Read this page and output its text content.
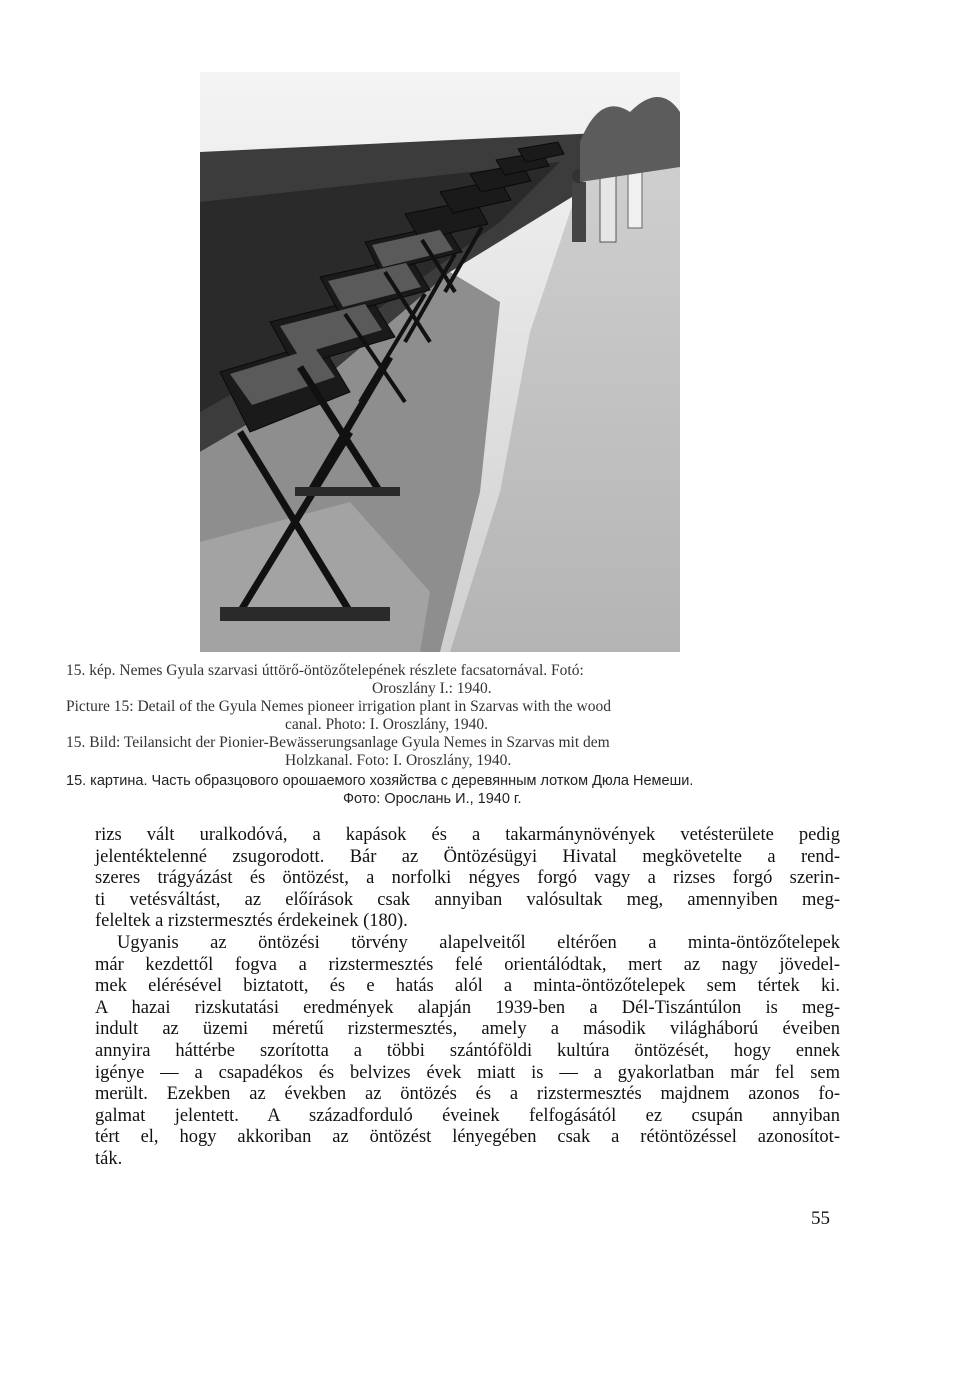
15. kép. Nemes Gyula szarvasi úttörő-öntözőtelepének részlete facsatornával. Fotó:
Oroszlány I.: 1940.
Picture 15: Detail of the Gyula Nemes pioneer irrigation plant in Szarvas with the wood
canal. Photo: I. Oroszlány, 1940.
15. Bild: Teilansicht der Pionier-Bewässerungsanlage Gyula Nemes in Szarvas mit dem
Holzkanal. Foto: I. Oroszlány, 1940.
15. картина. Часть образцового орошаемого хозяйства с деревянным лотком Дюла Немеши.
Фото: Орослань И., 1940 г.

rizs vált uralkodóvá, a kapások és a takarmánynövények vetésterülete pedig
jelentéktelenné zsugorodott. Bár az Öntözésügyi Hivatal megkövetelte a rend-
szeres trágyázást és öntözést, a norfolki négyes forgó vagy a rizses forgó szerin-
ti vetésváltást, az előírások csak annyiban valósultak meg, amennyiben meg-
feleltek a rizstermesztés érdekeinek (180).

Ugyanis az öntözési törvény alapelveitől eltérően a minta-öntözőtelepek
már kezdettől fogva a rizstermesztés felé orientálódtak, mert az nagy jövedel-
mek elérésével biztatott, és e hatás alól a minta-öntözőtelepek sem tértek ki.
A hazai rizskutatási eredmények alapján 1939-ben a Dél-Tiszántúlon is meg-
indult az üzemi méretű rizstermesztés, amely a második világháború éveiben
annyira háttérbe szorította a többi szántóföldi kultúra öntözését, hogy ennek
igénye — a csapadékos és belvizes évek miatt is — a gyakorlatban már fel sem
merült. Ezekben az években az öntözés és a rizstermesztés majdnem azonos fo-
galmat jelentett. A századforduló éveinek felfogásától ez csupán annyiban
tért el, hogy akkoriban az öntözést lényegében csak a rétöntözéssel azonosítot-
ták.

55
